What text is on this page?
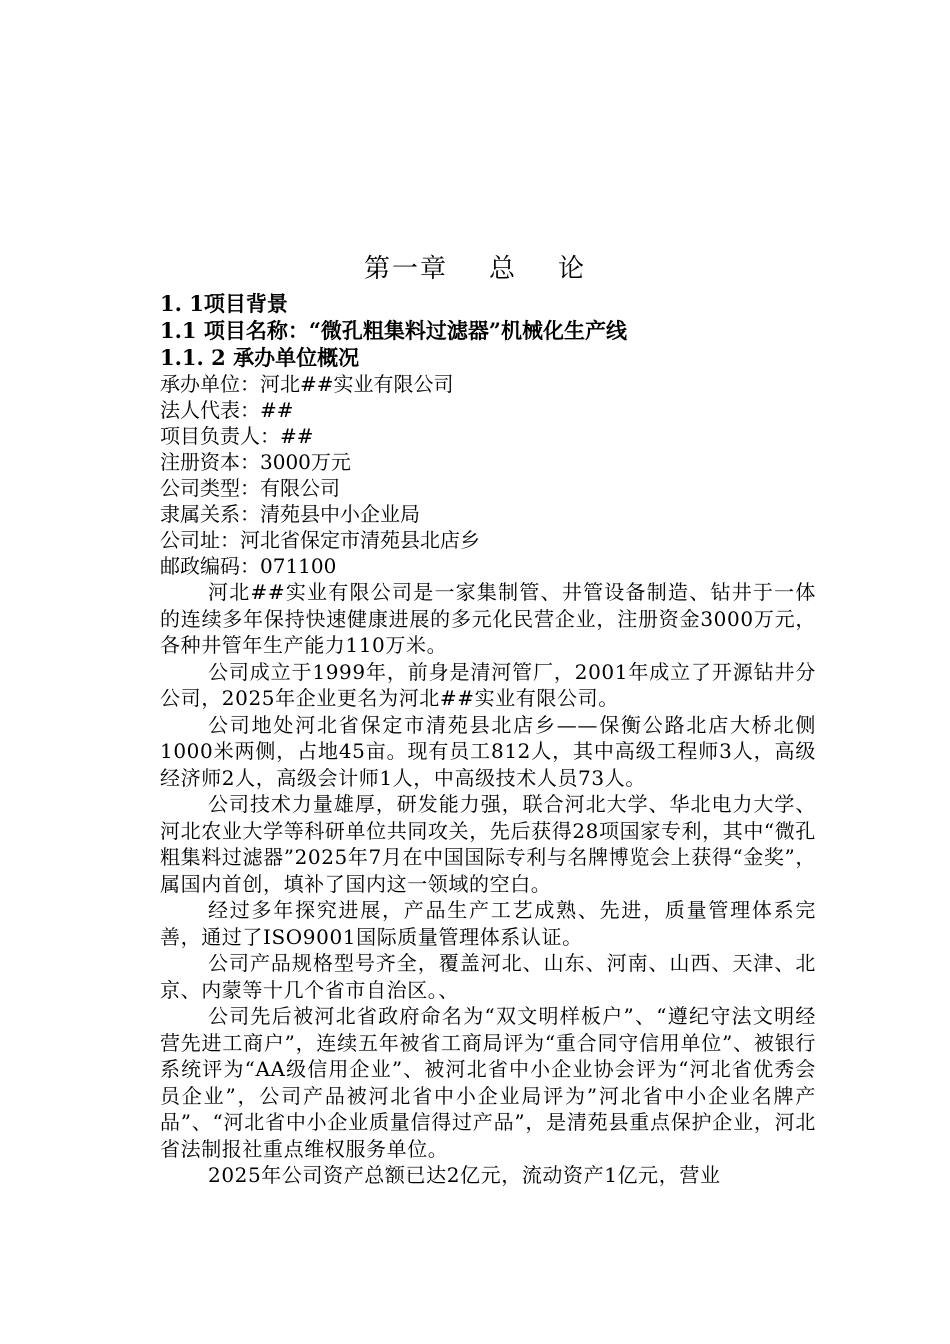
第一章    总    论

1. 1项目背景

1.1 项目名称：“微孔粗集料过滤器”机械化生产线

1.1. 2 承办单位概况

承办单位：河北##实业有限公司

法人代表：##

项目负责人：##

注册资本：3000万元

公司类型：有限公司

隶属关系：清苑县中小企业局

公司址：河北省保定市清苑县北店乡

邮政编码：071100

河北##实业有限公司是一家集制管、井管设备制造、钻井于一体的连续多年保持快速健康进展的多元化民营企业，注册资金3000万元，各种井管年生产能力110万米。

公司成立于1999年，前身是清河管厂，2001年成立了开源钻井分公司，2025年企业更名为河北##实业有限公司。

公司地处河北省保定市清苑县北店乡——保衡公路北店大桥北侧1000米两侧，占地45亩。现有员工812人，其中高级工程师3人，高级经济师2人，高级会计师1人，中高级技术人员73人。

公司技术力量雄厚，研发能力强，联合河北大学、华北电力大学、河北农业大学等科研单位共同攻关，先后获得28项国家专利，其中“微孔粗集料过滤器”2025年7月在中国国际专利与名牌博览会上获得“金奖”，属国内首创，填补了国内这一领域的空白。

经过多年探究进展，产品生产工艺成熟、先进，质量管理体系完善，通过了ISO9001国际质量管理体系认证。

公司产品规格型号齐全，覆盖河北、山东、河南、山西、天津、北京、内蒙等十几个省市自治区。、

公司先后被河北省政府命名为“双文明样板户”、“遵纪守法文明经营先进工商户”，连续五年被省工商局评为“重合同守信用单位”、被银行系统评为“AA级信用企业”、被河北省中小企业协会评为“河北省优秀会员企业”，公司产品被河北省中小企业局评为”河北省中小企业名牌产品”、“河北省中小企业质量信得过产品”，是清苑县重点保护企业，河北省法制报社重点维权服务单位。

2025年公司资产总额已达2亿元，流动资产1亿元，营业
